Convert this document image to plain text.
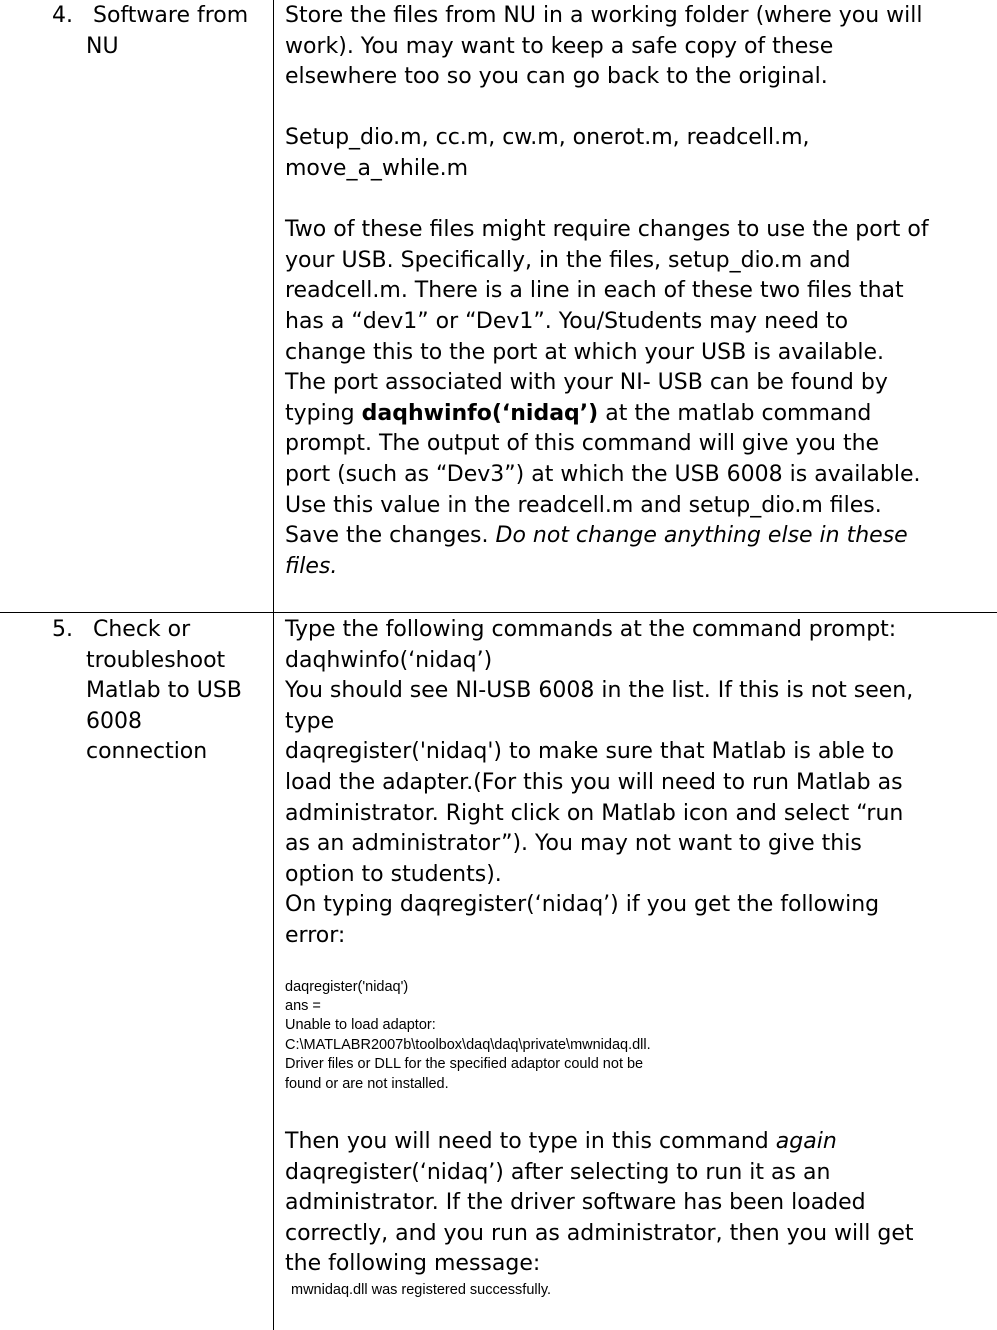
4. Software from
NU

Store the files from NU in a working folder (where you will

work). You may want to keep a safe copy of these

elsewhere too so you can go back to the original.

Setup_dio.m, cc.m, cw.m, onerot.m, readcell.m,

move_a_while.m

Two of these files might require changes to use the port of

your USB. Specifically, in the files, setup_dio.m and

readcell.m. There is a line in each of these two files that

has a “dev1” or “Dev1”. You/Students may need to

change this to the port at which your USB is available.

The port associated with your NI- USB can be found by

typing daqhwinfo(‘nidaq’) at the matlab command

prompt. The output of this command will give you the

port (such as “Dev3”) at which the USB 6008 is available.

Use this value in the readcell.m and setup_dio.m files.

Save the changes. Do not change anything else in these

files.

5. Check or
troubleshoot
Matlab to USB
6008
connection

Type the following commands at the command prompt:

daqhwinfo(‘nidaq’)

You should see NI-USB 6008 in the list. If this is not seen,

type

daqregister('nidaq') to make sure that Matlab is able to

load the adapter.(For this you will need to run Matlab as

administrator. Right click on Matlab icon and select “run

as an administrator”). You may not want to give this

option to students).

On typing daqregister(‘nidaq’) if you get the following

error:

daqregister('nidaq')

ans =

Unable to load adaptor:

C:\MATLABR2007b\toolbox\daq\daq\private\mwnidaq.dll.

Driver files or DLL for the specified adaptor could not be

found or are not installed.

Then you will need to type in this command again

daqregister(‘nidaq’) after selecting to run it as an

administrator. If the driver software has been loaded

correctly, and you run as administrator, then you will get

the following message:

mwnidaq.dll was registered successfully.
